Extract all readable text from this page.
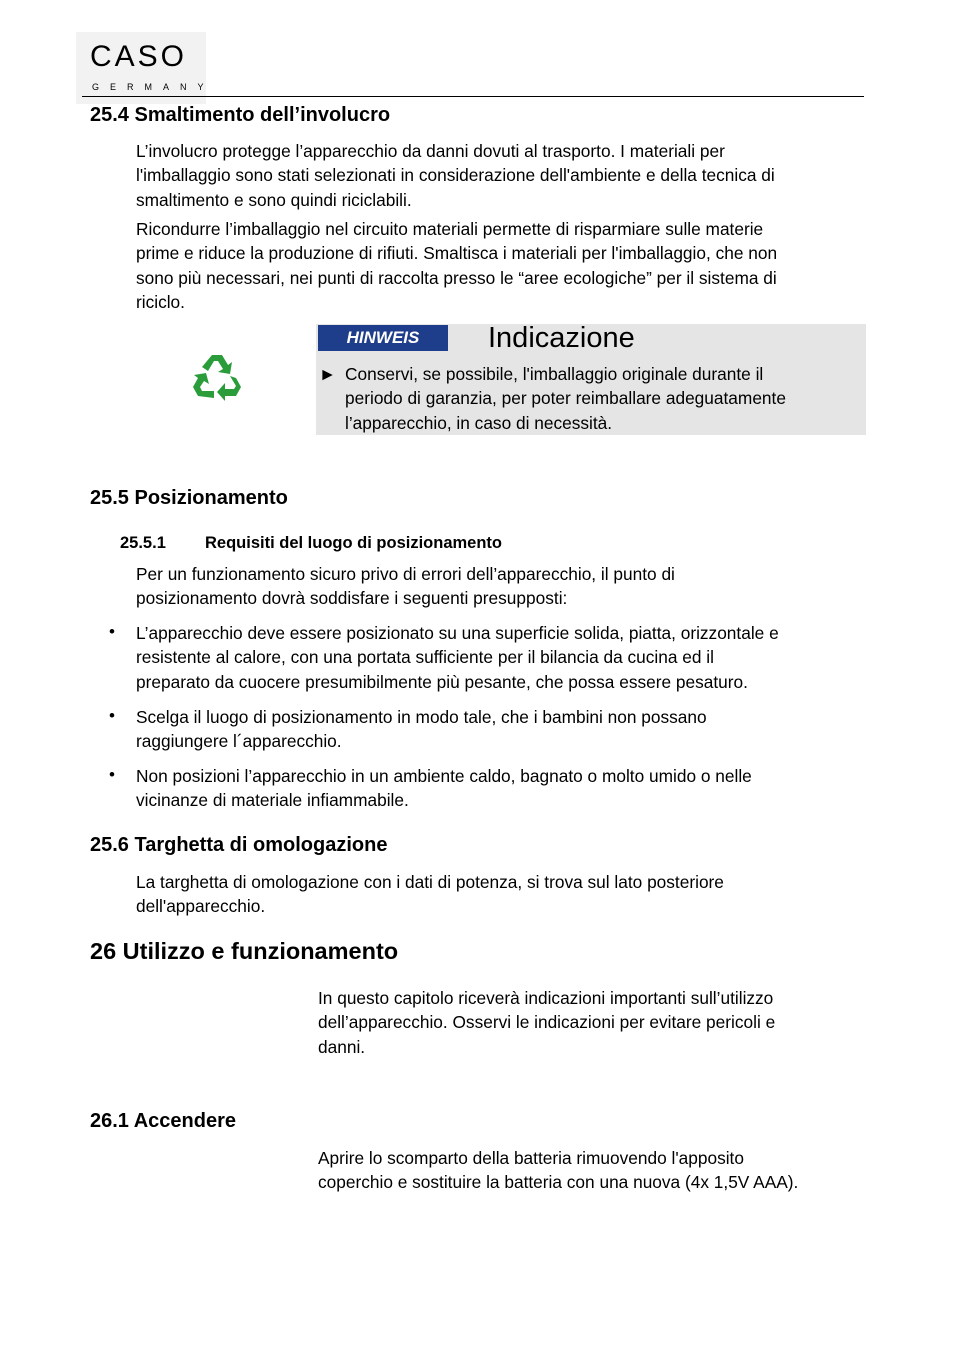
CASO
GERMANY
25.4 Smaltimento dell’involucro
L’involucro protegge l’apparecchio da danni dovuti al trasporto. I materiali per
l'imballaggio sono stati selezionati in considerazione dell'ambiente e della tecnica di
smaltimento e sono quindi riciclabili.
Ricondurre l’imballaggio nel circuito materiali permette di risparmiare sulle materie
prime e riduce la produzione di rifiuti. Smaltisca i materiali per l'imballaggio, che non
sono più necessari, nei punti di raccolta presso le “aree ecologiche” per il sistema di
riciclo.
HINWEIS	Indicazione
► Conservi, se possibile, l'imballaggio originale durante il
periodo di garanzia, per poter reimballare adeguatamente
l’apparecchio, in caso di necessità.
25.5 Posizionamento
25.5.1 Requisiti del luogo di posizionamento
Per un funzionamento sicuro privo di errori dell’apparecchio, il punto di
posizionamento dovrà soddisfare i seguenti presupposti:
• L’apparecchio deve essere posizionato su una superficie solida, piatta, orizzontale e
resistente al calore, con una portata sufficiente per il bilancia da cucina ed il
preparato da cuocere presumibilmente più pesante, che possa essere pesaturo.
• Scelga il luogo di posizionamento in modo tale, che i bambini non possano
raggiungere l´apparecchio.
• Non posizioni l’apparecchio in un ambiente caldo, bagnato o molto umido o nelle
vicinanze di materiale infiammabile.
25.6 Targhetta di omologazione
La targhetta di omologazione con i dati di potenza, si trova sul lato posteriore
dell'apparecchio.
26 Utilizzo e funzionamento
In questo capitolo riceverà indicazioni importanti sull’utilizzo
dell’apparecchio. Osservi le indicazioni per evitare pericoli e
danni.
26.1 Accendere
Aprire lo scomparto della batteria rimuovendo l'apposito
coperchio e sostituire la batteria con una nuova (4x 1,5V AAA).
